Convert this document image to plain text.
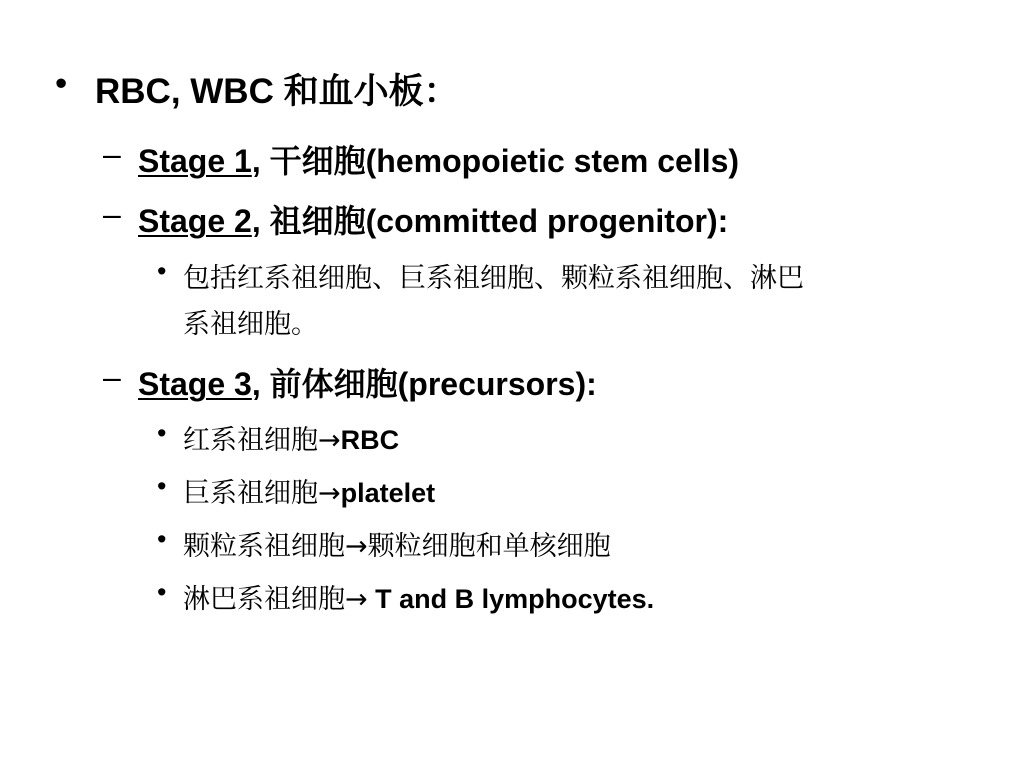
• RBC, WBC 和血小板：
– Stage 1, 干细胞(hemopoietic stem cells)
– Stage 2, 祖细胞(committed progenitor):
• 包括红系祖细胞、巨系祖细胞、颗粒系祖细胞、淋巴
系祖细胞。
– Stage 3, 前体细胞(precursors):
• 红系祖细胞→RBC
• 巨系祖细胞→platelet
• 颗粒系祖细胞→颗粒细胞和单核细胞
• 淋巴系祖细胞→ T and B lymphocytes.
